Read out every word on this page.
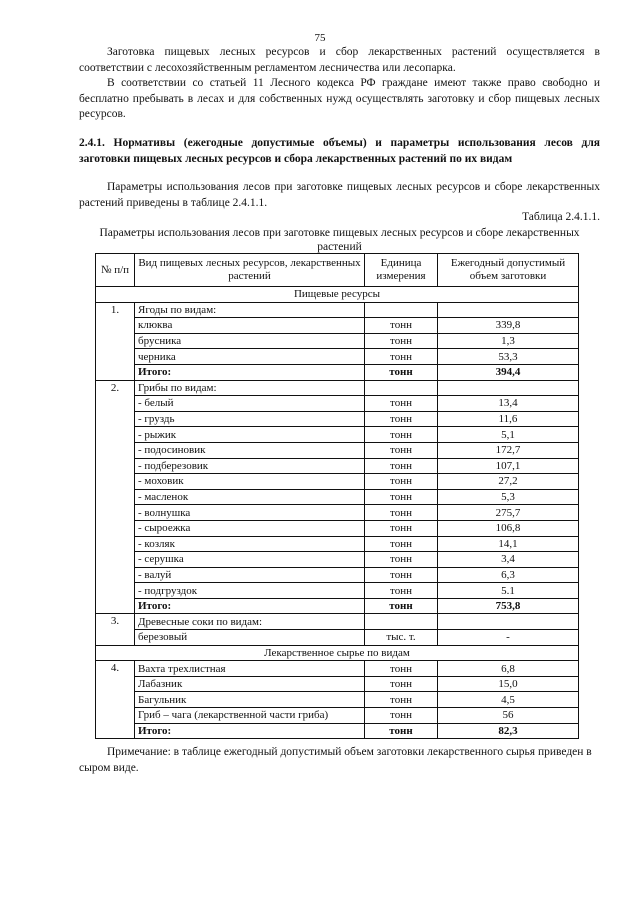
75

Заготовка пищевых лесных ресурсов и сбор лекарственных растений осуществляется в соответствии с лесохозяйственным регламентом лесничества или лесопарка.

В соответствии со статьей 11 Лесного кодекса РФ граждане имеют также право свободно и бесплатно пребывать в лесах и для собственных нужд осуществлять заготовку и сбор пищевых лесных ресурсов.

2.4.1. Нормативы (ежегодные допустимые объемы) и параметры использования лесов для заготовки пищевых лесных ресурсов и сбора лекарственных растений по их видам

Параметры использования лесов при заготовке пищевых лесных ресурсов и сборе лекарственных растений приведены в таблице 2.4.1.1.

Таблица 2.4.1.1.
Параметры использования лесов при заготовке пищевых лесных ресурсов и сборе лекарственных растений
№ п/п	Вид пищевых лесных ресурсов, лекарственных растений	Единица измерения	Ежегодный допустимый объем заготовки
Пищевые ресурсы			
1.	Ягоды по видам:		
	клюква	тонн	339,8
	брусника	тонн	1,3
	черника	тонн	53,3
	Итого:	тонн	394,4
2.	Грибы по видам:		
	- белый	тонн	13,4
	- груздь	тонн	11,6
	- рыжик	тонн	5,1
	- подосиновик	тонн	172,7
	- подберезовик	тонн	107,1
	- моховик	тонн	27,2
	- масленок	тонн	5,3
	- волнушка	тонн	275,7
	- сыроежка	тонн	106,8
	- козляк	тонн	14,1
	- серушка	тонн	3,4
	- валуй	тонн	6,3
	- подгруздок	тонн	5.1
	Итого:	тонн	753,8
3.	Древесные соки по видам:		
	березовый	тыс. т.	-
Лекарственное сырье по видам			
4.	Вахта трехлистная	тонн	6,8
	Лабазник	тонн	15,0
	Багульник	тонн	4,5
	Гриб – чага (лекарственной части гриба)	тонн	56
	Итого:	тонн	82,3

Примечание: в таблице ежегодный допустимый объем заготовки лекарственного сырья приведен в сыром виде.
